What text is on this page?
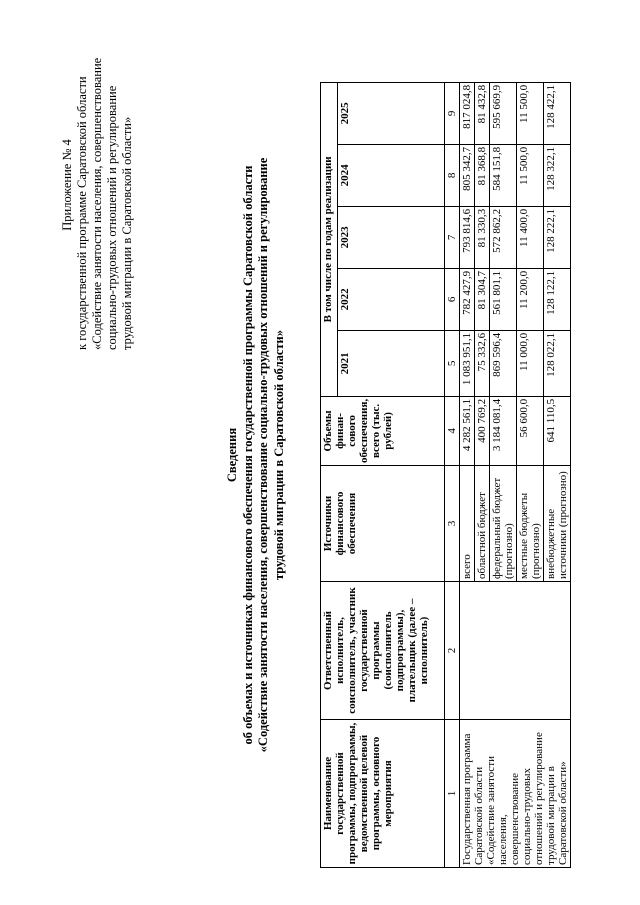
Приложение № 4 к государственной программе Саратовской области «Содействие занятости населения, совершенствование социально-трудовых отношений и регулирование трудовой миграции в Саратовской области»
Сведения об объемах и источниках финансового обеспечения государственной программы Саратовской области «Содействие занятости населения, совершенствование социально-трудовых отношений и регулирование трудовой миграции в Саратовской области»
Наименование государственной программы, подпрограммы, ведомственной целевой программы, основного мероприятия	Ответственный исполнитель, соисполнитель, участник государственной программы (соисполнитель подпрограммы), плательщик (далее – исполнитель)	Источники финансового обеспечения	Объемы финан-сового обеспечения, всего (тыс. рублей)	В том числе по годам реализации				
				2021	2022	2023	2024	2025
1	2	3	4	5	6	7	8	9
Государственная программа Саратовской области «Содействие занятости населения, совершенствование социально-трудовых отношений и регулирование трудовой миграции в Саратовской области»		всего	4 282 561,1	1 083 951,1	782 427,9	793 814,6	805 342,7	817 024,8
		областной бюджет	400 769,2	75 332,6	81 304,7	81 330,3	81 368,8	81 432,8
		федеральный бюджет (прогнозно)	3 184 081,4	869 596,4	561 801,1	572 862,2	584 151,8	595 669,9
		местные бюджеты (прогнозно)	56 600,0	11 000,0	11 200,0	11 400,0	11 500,0	11 500,0
		внебюджетные источники (прогнозно)	641 110,5	128 022,1	128 122,1	128 222,1	128 322,1	128 422,1
